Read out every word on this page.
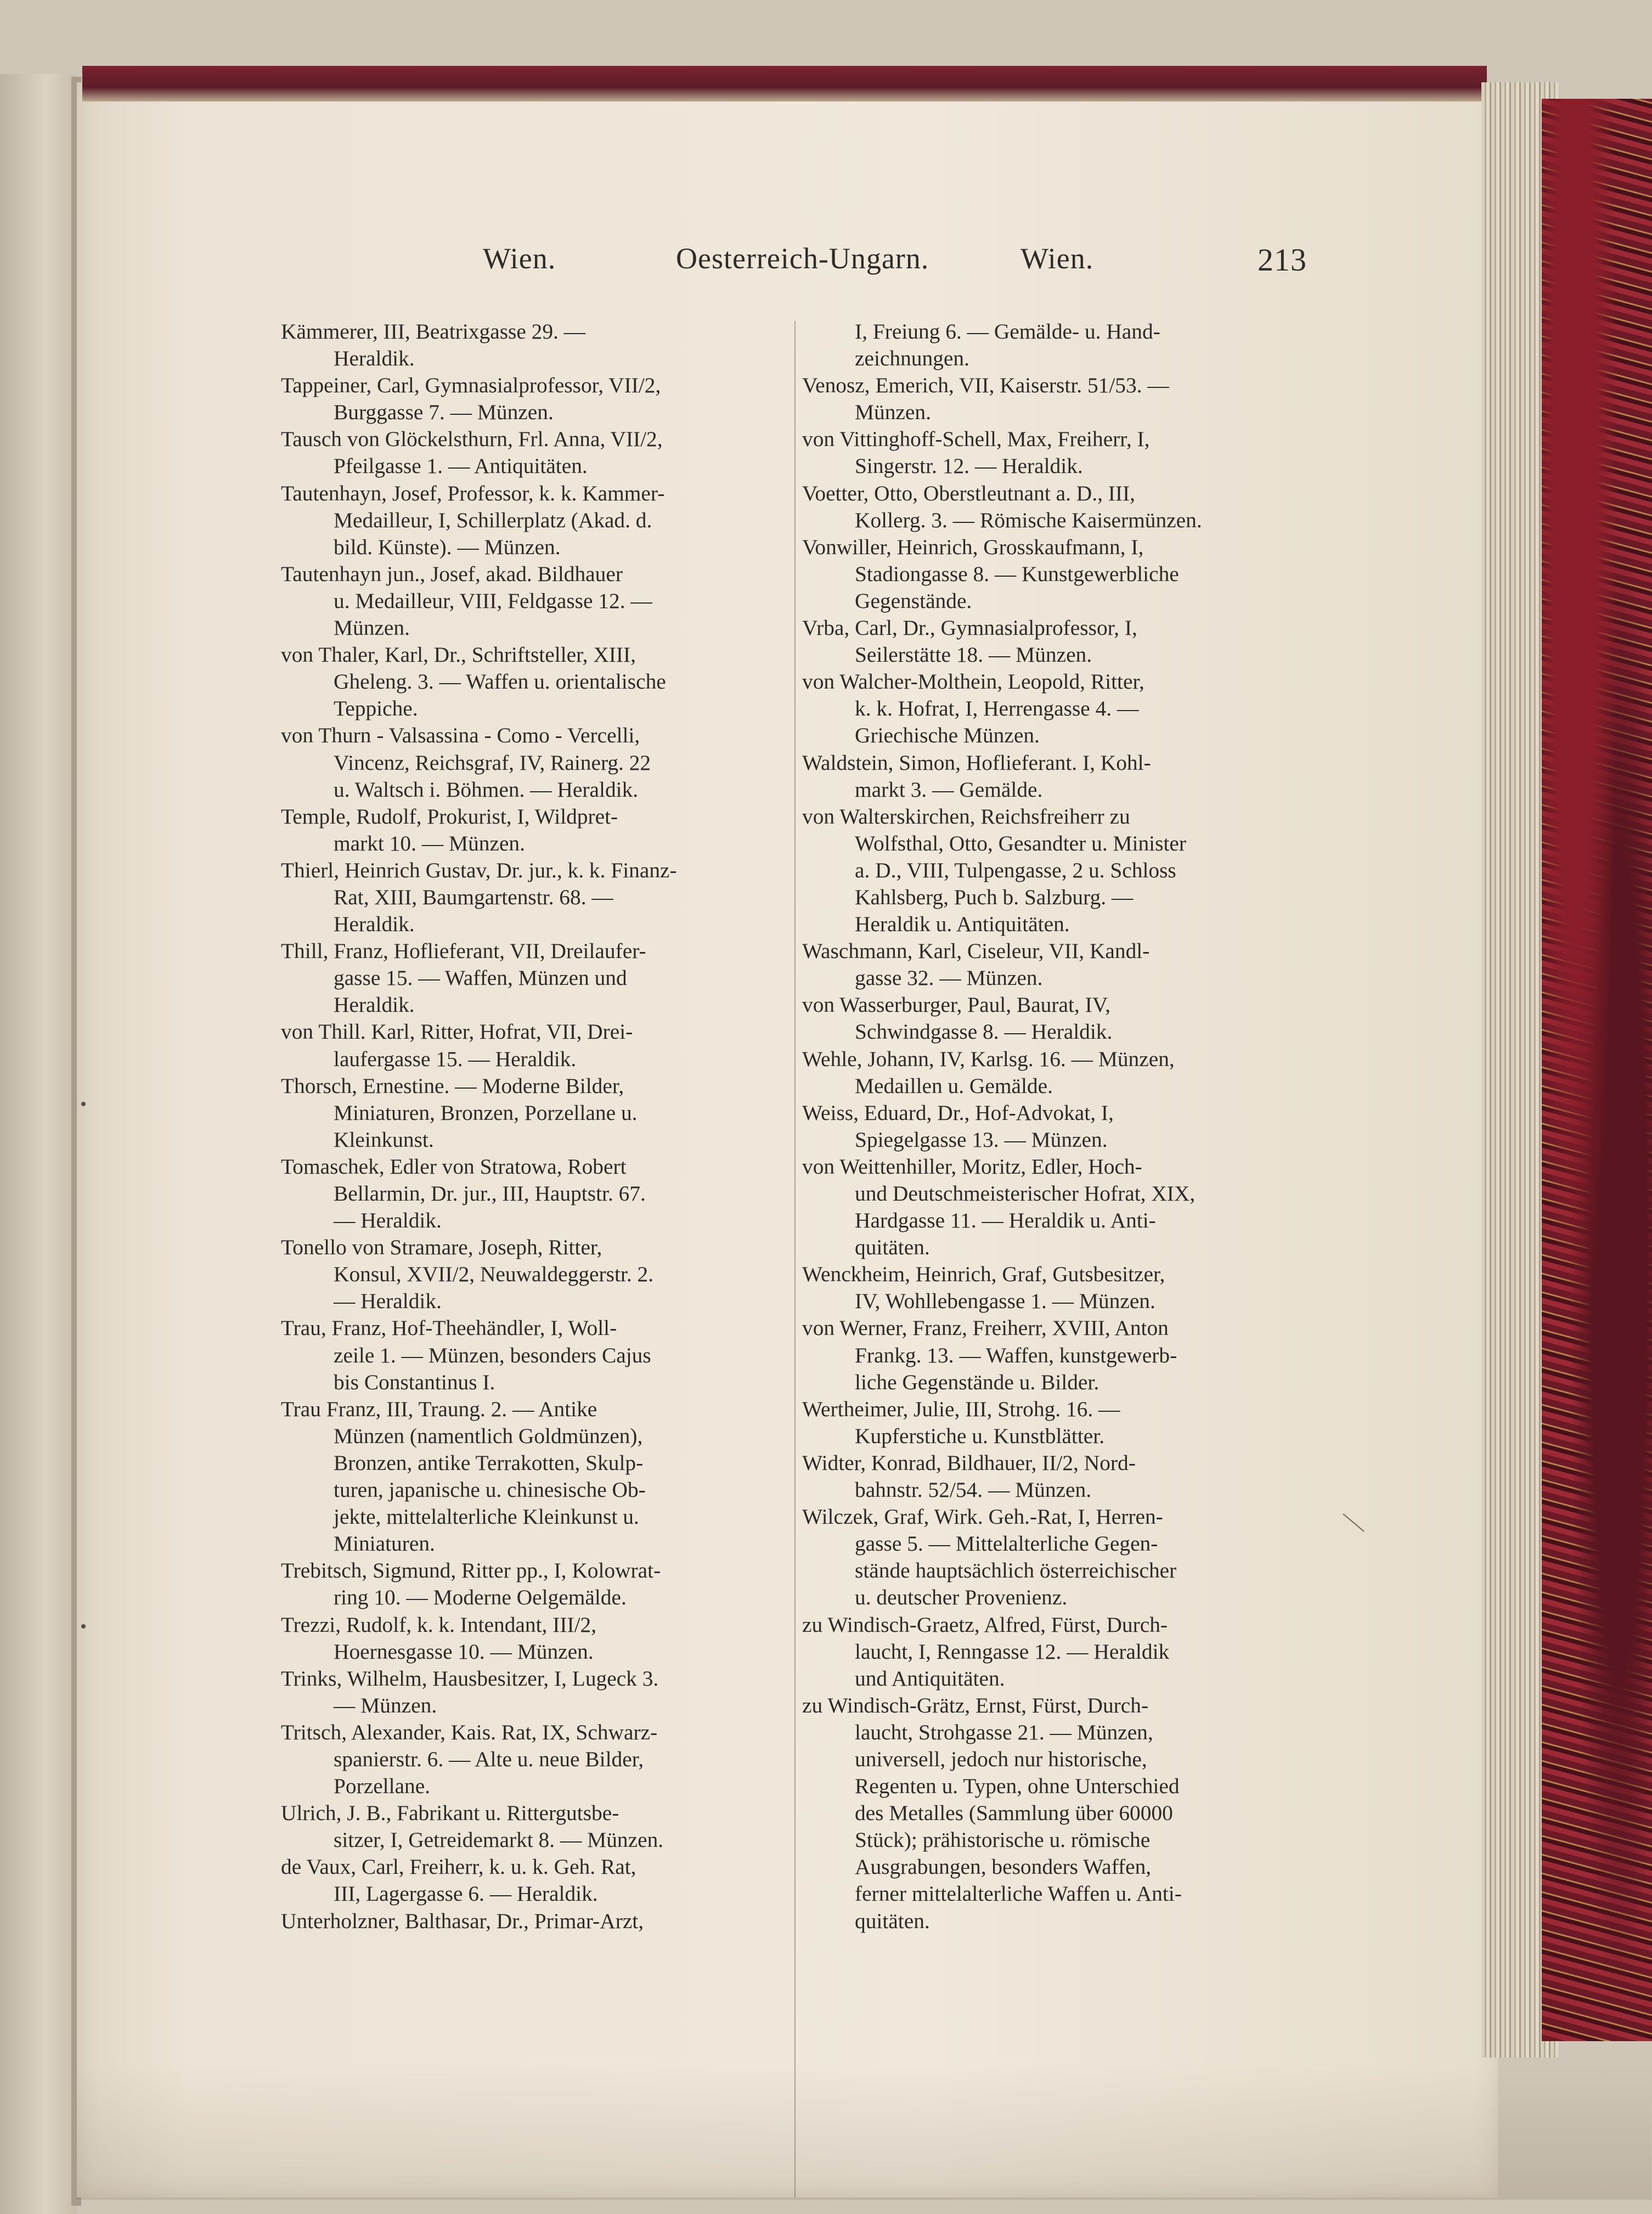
Wien.	Oesterreich-Ungarn.	Wien.	213
Kämmerer, III, Beatrixgasse 29. —
Heraldik.
Tappeiner, Carl, Gymnasialprofessor, VII/2,
Burggasse 7. — Münzen.
Tausch von Glöckelsthurn, Frl. Anna, VII/2,
Pfeilgasse 1. — Antiquitäten.
Tautenhayn, Josef, Professor, k. k. Kammer-
Medailleur, I, Schillerplatz (Akad. d.
bild. Künste). — Münzen.
Tautenhayn jun., Josef, akad. Bildhauer
u. Medailleur, VIII, Feldgasse 12. —
Münzen.
von Thaler, Karl, Dr., Schriftsteller, XIII,
Gheleng. 3. — Waffen u. orientalische
Teppiche.
von Thurn - Valsassina - Como - Vercelli,
Vincenz, Reichsgraf, IV, Rainerg. 22
u. Waltsch i. Böhmen. — Heraldik.
Temple, Rudolf, Prokurist, I, Wildpret-
markt 10. — Münzen.
Thierl, Heinrich Gustav, Dr. jur., k. k. Finanz-
Rat, XIII, Baumgartenstr. 68. —
Heraldik.
Thill, Franz, Hoflieferant, VII, Dreilaufer-
gasse 15. — Waffen, Münzen und
Heraldik.
von Thill. Karl, Ritter, Hofrat, VII, Drei-
laufergasse 15. — Heraldik.
Thorsch, Ernestine. — Moderne Bilder,
Miniaturen, Bronzen, Porzellane u.
Kleinkunst.
Tomaschek, Edler von Stratowa, Robert
Bellarmin, Dr. jur., III, Hauptstr. 67.
— Heraldik.
Tonello von Stramare, Joseph, Ritter,
Konsul, XVII/2, Neuwaldeggerstr. 2.
— Heraldik.
Trau, Franz, Hof-Theehändler, I, Woll-
zeile 1. — Münzen, besonders Cajus
bis Constantinus I.
Trau Franz, III, Traung. 2. — Antike
Münzen (namentlich Goldmünzen),
Bronzen, antike Terrakotten, Skulp-
turen, japanische u. chinesische Ob-
jekte, mittelalterliche Kleinkunst u.
Miniaturen.
Trebitsch, Sigmund, Ritter pp., I, Kolowrat-
ring 10. — Moderne Oelgemälde.
Trezzi, Rudolf, k. k. Intendant, III/2,
Hoernesgasse 10. — Münzen.
Trinks, Wilhelm, Hausbesitzer, I, Lugeck 3.
— Münzen.
Tritsch, Alexander, Kais. Rat, IX, Schwarz-
spanierstr. 6. — Alte u. neue Bilder,
Porzellane.
Ulrich, J. B., Fabrikant u. Rittergutsbe-
sitzer, I, Getreidemarkt 8. — Münzen.
de Vaux, Carl, Freiherr, k. u. k. Geh. Rat,
III, Lagergasse 6. — Heraldik.
Unterholzner, Balthasar, Dr., Primar-Arzt,
I, Freiung 6. — Gemälde- u. Hand-
zeichnungen.
Venosz, Emerich, VII, Kaiserstr. 51/53. —
Münzen.
von Vittinghoff-Schell, Max, Freiherr, I,
Singerstr. 12. — Heraldik.
Voetter, Otto, Oberstleutnant a. D., III,
Kollerg. 3. — Römische Kaisermünzen.
Vonwiller, Heinrich, Grosskaufmann, I,
Stadiongasse 8. — Kunstgewerbliche
Gegenstände.
Vrba, Carl, Dr., Gymnasialprofessor, I,
Seilerstätte 18. — Münzen.
von Walcher-Molthein, Leopold, Ritter,
k. k. Hofrat, I, Herrengasse 4. —
Griechische Münzen.
Waldstein, Simon, Hoflieferant. I, Kohl-
markt 3. — Gemälde.
von Walterskirchen, Reichsfreiherr zu
Wolfsthal, Otto, Gesandter u. Minister
a. D., VIII, Tulpengasse, 2 u. Schloss
Kahlsberg, Puch b. Salzburg. —
Heraldik u. Antiquitäten.
Waschmann, Karl, Ciseleur, VII, Kandl-
gasse 32. — Münzen.
von Wasserburger, Paul, Baurat, IV,
Schwindgasse 8. — Heraldik.
Wehle, Johann, IV, Karlsg. 16. — Münzen,
Medaillen u. Gemälde.
Weiss, Eduard, Dr., Hof-Advokat, I,
Spiegelgasse 13. — Münzen.
von Weittenhiller, Moritz, Edler, Hoch-
und Deutschmeisterischer Hofrat, XIX,
Hardgasse 11. — Heraldik u. Anti-
quitäten.
Wenckheim, Heinrich, Graf, Gutsbesitzer,
IV, Wohllebengasse 1. — Münzen.
von Werner, Franz, Freiherr, XVIII, Anton
Frankg. 13. — Waffen, kunstgewerb-
liche Gegenstände u. Bilder.
Wertheimer, Julie, III, Strohg. 16. —
Kupferstiche u. Kunstblätter.
Widter, Konrad, Bildhauer, II/2, Nord-
bahnstr. 52/54. — Münzen.
Wilczek, Graf, Wirk. Geh.-Rat, I, Herren-
gasse 5. — Mittelalterliche Gegen-
stände hauptsächlich österreichischer
u. deutscher Provenienz.
zu Windisch-Graetz, Alfred, Fürst, Durch-
laucht, I, Renngasse 12. — Heraldik
und Antiquitäten.
zu Windisch-Grätz, Ernst, Fürst, Durch-
laucht, Strohgasse 21. — Münzen,
universell, jedoch nur historische,
Regenten u. Typen, ohne Unterschied
des Metalles (Sammlung über 60000
Stück); prähistorische u. römische
Ausgrabungen, besonders Waffen,
ferner mittelalterliche Waffen u. Anti-
quitäten.
